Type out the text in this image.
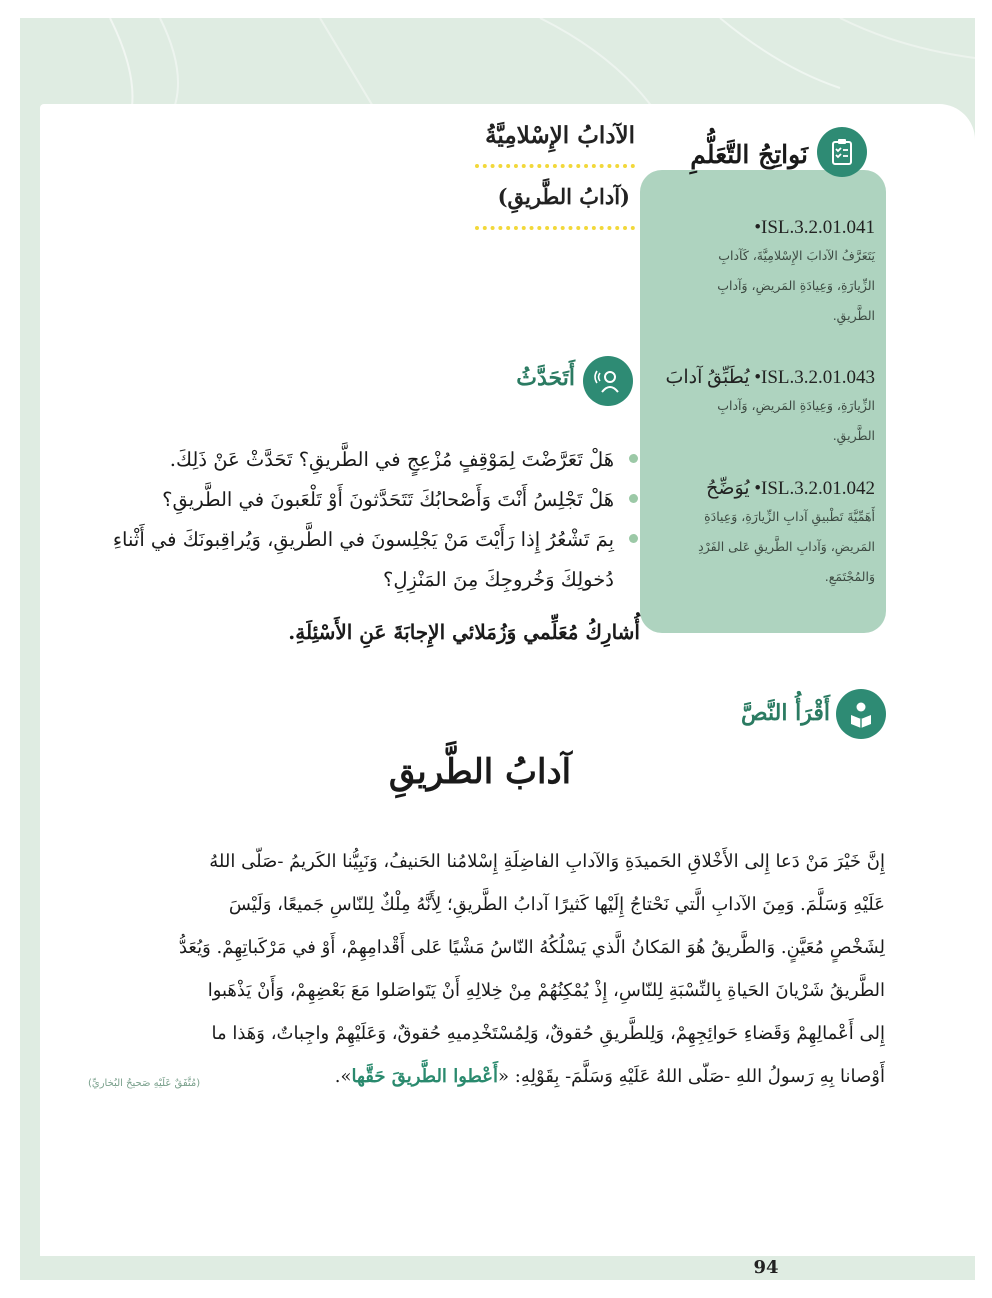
نَواتِجُ التَّعَلُّمِ
ISL.3.2.01.041•
يَتَعَرَّفُ الآدابَ الإِسْلامِيَّةَ، كَآدابِ
الزِّيارَةِ، وَعِيادَةِ المَريضِ، وَآدابِ
الطَّريقِ.
ISL.3.2.01.043• يُطَبِّقُ آدابَ
الزِّيارَةِ، وَعِيادَةِ المَريضِ، وَآدابِ
الطَّريقِ.
ISL.3.2.01.042• يُوَضِّحُ
أَهَمِّيَّةَ تَطْبيقِ آدابِ الزِّيارَةِ، وَعِيادَةِ
المَريضِ، وَآدابِ الطَّريقِ عَلى الفَرْدِ
وَالمُجْتَمَعِ.
الآدابُ الإِسْلامِيَّةُ
(آدابُ الطَّريقِ)
أَتَحَدَّثُ
هَلْ تَعَرَّضْتَ لِمَوْقِفٍ مُزْعِجٍ في الطَّريقِ؟ تَحَدَّثْ عَنْ ذَلِكَ.
هَلْ تَجْلِسُ أَنْتَ وَأَصْحابُكَ تَتَحَدَّثونَ أَوْ تَلْعَبونَ في الطَّريقِ؟
بِمَ تَشْعُرُ إِذا رَأَيْتَ مَنْ يَجْلِسونَ في الطَّريقِ، وَيُراقِبونَكَ في أَثْناءِ دُخولِكَ وَخُروجِكَ مِنَ المَنْزِلِ؟
أُشارِكُ مُعَلِّمي وَزُمَلائي الإِجابَةَ عَنِ الأَسْئِلَةِ.
أَقْرَأُ النَّصَّ
آدابُ الطَّريقِ
إِنَّ خَيْرَ مَنْ دَعا إِلى الأَخْلاقِ الحَميدَةِ وَالآدابِ الفاضِلَةِ إِسْلامُنا الحَنيفُ، وَنَبِيُّنا الكَريمُ -صَلّى اللهُ
عَلَيْهِ وَسَلَّمَ. وَمِنَ الآدابِ الَّتي نَحْتاجُ إِلَيْها كَثيرًا آدابُ الطَّريقِ؛ لِأَنَّهُ مِلْكٌ لِلنّاسِ جَميعًا، وَلَيْسَ
لِشَخْصٍ مُعَيَّنٍ. وَالطَّريقُ هُوَ المَكانُ الَّذي يَسْلُكُهُ النّاسُ مَشْيًا عَلى أَقْدامِهِمْ، أَوْ في مَرْكَباتِهِمْ. وَيُعَدُّ
الطَّريقُ شَرْيانَ الحَياةِ بِالنِّسْبَةِ لِلنّاسِ، إِذْ يُمْكِنُهُمْ مِنْ خِلالِهِ أَنْ يَتَواصَلوا مَعَ بَعْضِهِمْ، وَأَنْ يَذْهَبوا
إِلى أَعْمالِهِمْ وَقَضاءِ حَوائِجِهِمْ، وَلِلطَّريقِ حُقوقٌ، وَلِمُسْتَخْدِميهِ حُقوقٌ، وَعَلَيْهِمْ واجِباتٌ، وَهَذا ما
أَوْصانا بِهِ رَسولُ اللهِ -صَلّى اللهُ عَلَيْهِ وَسَلَّمَ- بِقَوْلِهِ: «أَعْطوا الطَّريقَ حَقَّها».
(مُتَّفَقٌ عَلَيْهِ صَحيحُ البُخاريِّ)
94
